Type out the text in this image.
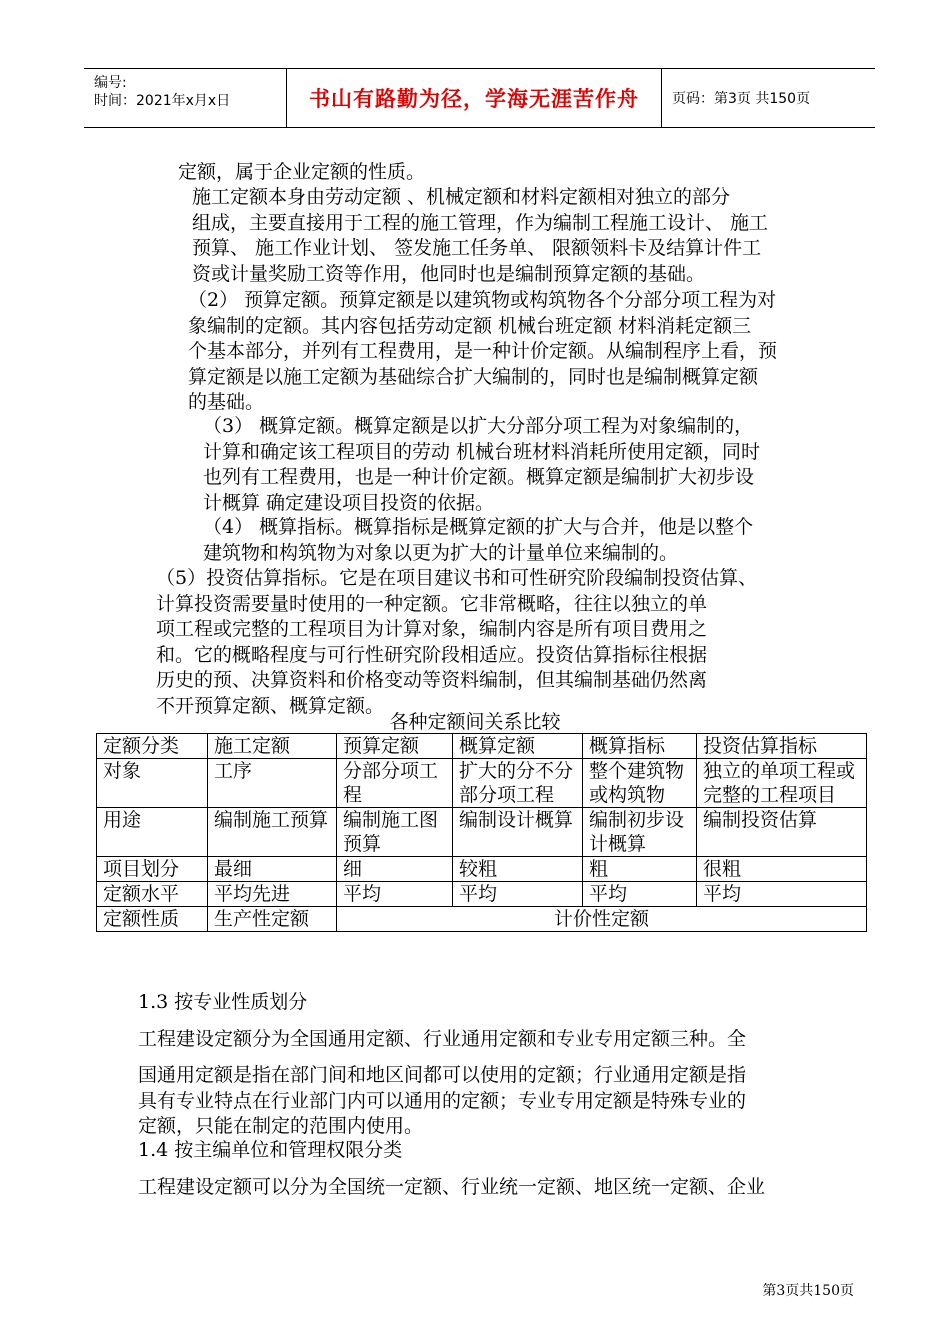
编号:
时间：2021年x月x日	书山有路勤为径，学海无涯苦作舟	页码：第3页 共150页
定额，属于企业定额的性质。
施工定额本身由劳动定额 、机械定额和材料定额相对独立的部分
组成，主要直接用于工程的施工管理，作为编制工程施工设计、 施工
预算、 施工作业计划、 签发施工任务单、 限额领料卡及结算计件工
资或计量奖励工资等作用，他同时也是编制预算定额的基础。
（2） 预算定额。预算定额是以建筑物或构筑物各个分部分项工程为对
象编制的定额。其内容包括劳动定额 机械台班定额 材料消耗定额三
个基本部分，并列有工程费用，是一种计价定额。从编制程序上看，预
算定额是以施工定额为基础综合扩大编制的，同时也是编制概算定额
的基础。
（3） 概算定额。概算定额是以扩大分部分项工程为对象编制的，
计算和确定该工程项目的劳动 机械台班材料消耗所使用定额，同时
也列有工程费用，也是一种计价定额。概算定额是编制扩大初步设
计概算 确定建设项目投资的依据。
（4） 概算指标。概算指标是概算定额的扩大与合并，他是以整个
建筑物和构筑物为对象以更为扩大的计量单位来编制的。
（5）投资估算指标。它是在项目建议书和可性研究阶段编制投资估算、
计算投资需要量时使用的一种定额。它非常概略，往往以独立的单
项工程或完整的工程项目为计算对象，编制内容是所有项目费用之
和。它的概略程度与可行性研究阶段相适应。投资估算指标往根据
历史的预、决算资料和价格变动等资料编制，但其编制基础仍然离
不开预算定额、概算定额。
各种定额间关系比较
定额分类	施工定额	预算定额	概算定额	概算指标	投资估算指标
对象	工序	分部分项工程	扩大的分不分部分项工程	整个建筑物或构筑物	独立的单项工程或完整的工程项目
用途	编制施工预算	编制施工图预算	编制设计概算	编制初步设计概算	编制投资估算
项目划分	最细	细	较粗	粗	很粗
定额水平	平均先进	平均	平均	平均	平均
定额性质	生产性定额	计价性定额			
1.3 按专业性质划分
工程建设定额分为全国通用定额、行业通用定额和专业专用定额三种。全
国通用定额是指在部门间和地区间都可以使用的定额；行业通用定额是指
具有专业特点在行业部门内可以通用的定额；专业专用定额是特殊专业的
定额，只能在制定的范围内使用。
1.4 按主编单位和管理权限分类
工程建设定额可以分为全国统一定额、行业统一定额、地区统一定额、企业
第3页共150页
